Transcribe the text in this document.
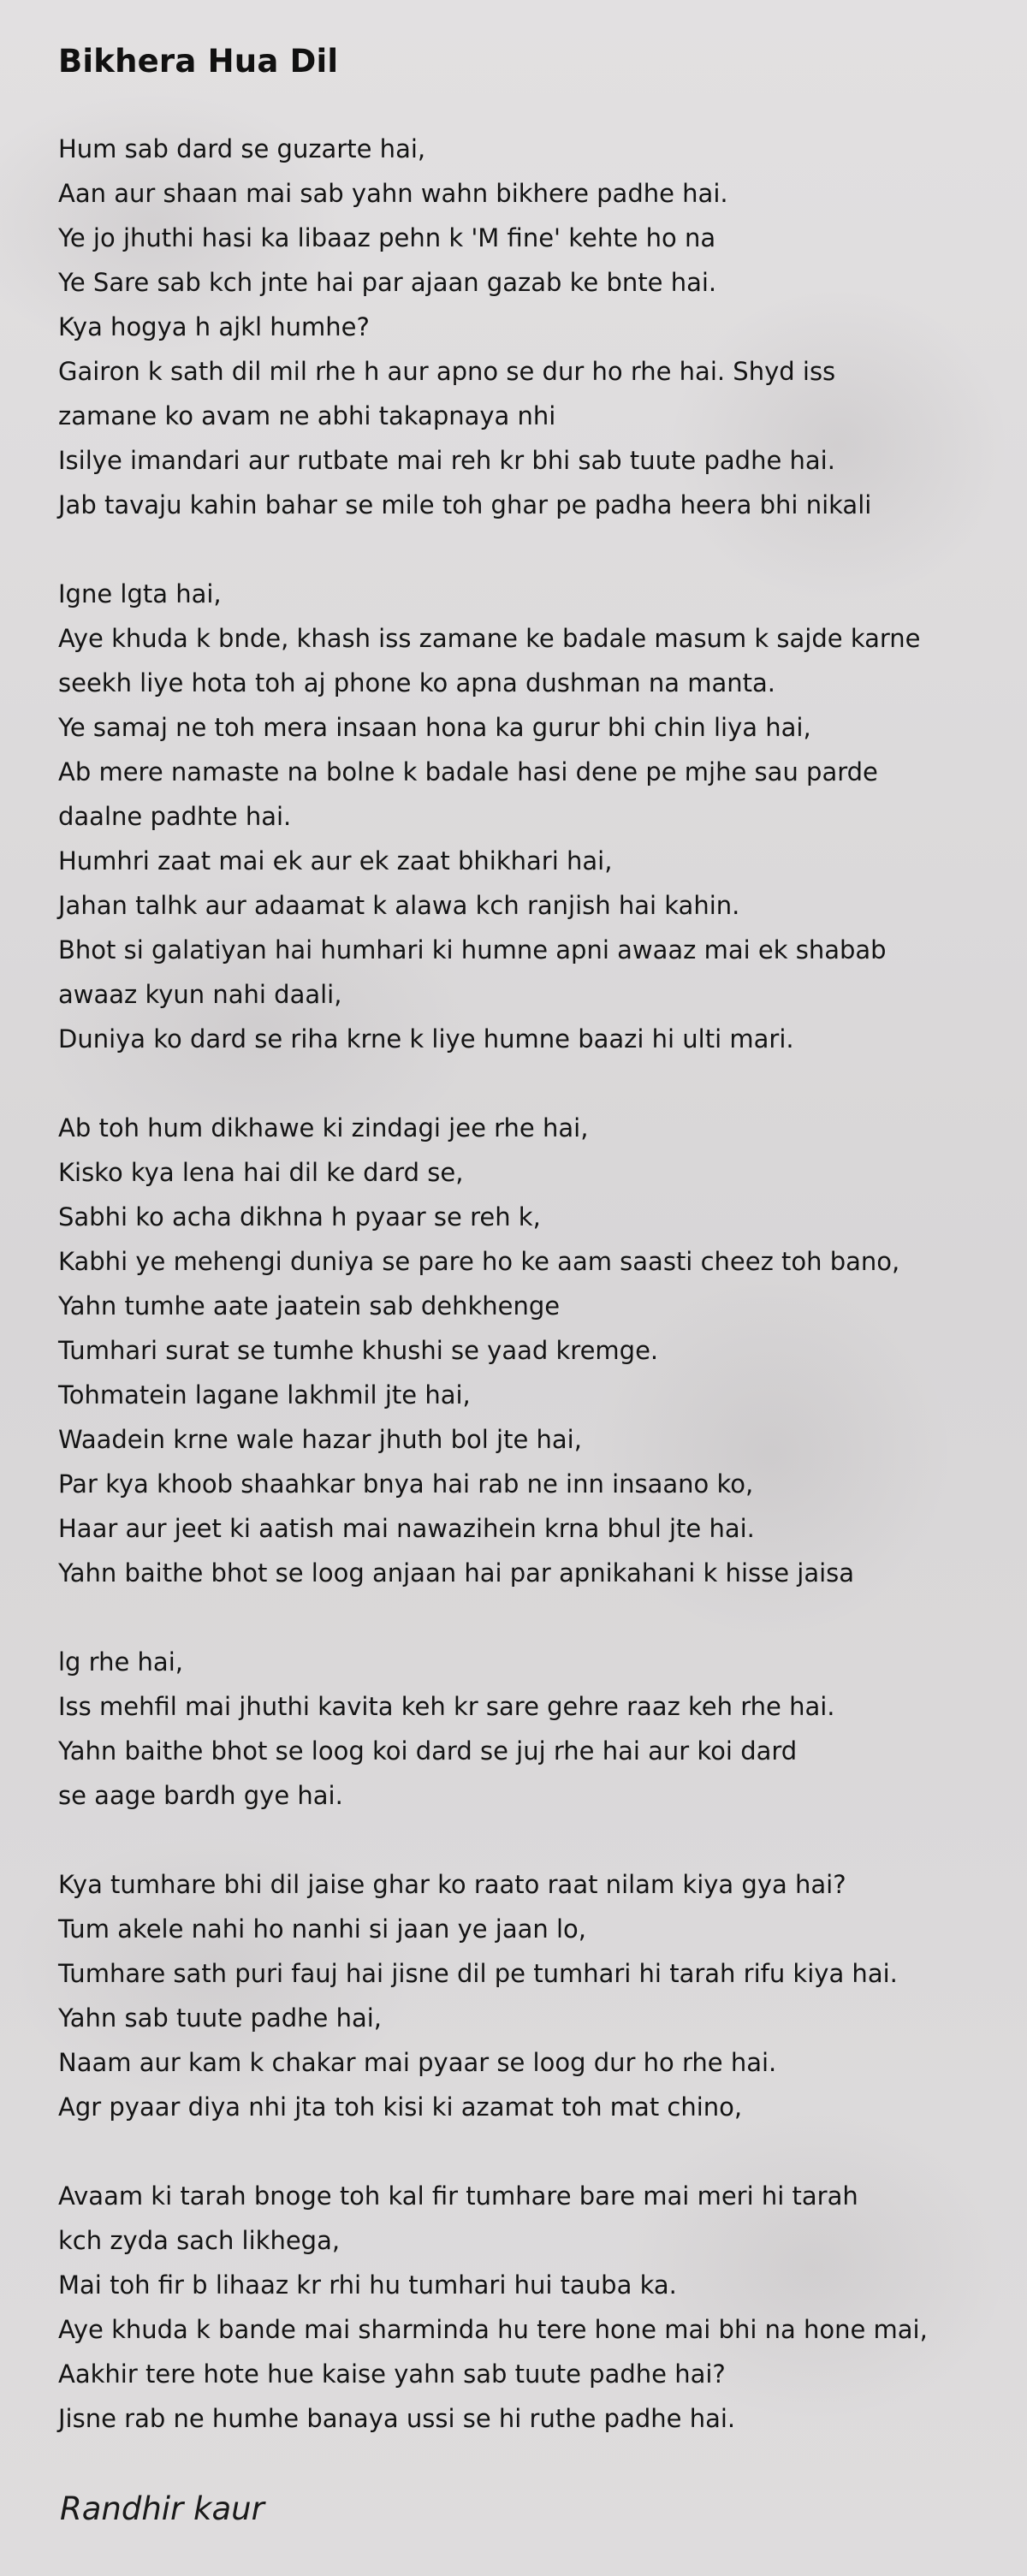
Bikhera Hua Dil
Hum sab dard se guzarte hai,
Aan aur shaan mai sab yahn wahn bikhere padhe hai.
Ye jo jhuthi hasi ka libaaz pehn k 'M fine' kehte ho na
Ye Sare sab kch jnte hai par ajaan gazab ke bnte hai.
Kya hogya h ajkl humhe?
Gairon k sath dil mil rhe h aur apno se dur ho rhe hai. Shyd iss
zamane ko avam ne abhi takapnaya nhi
Isilye imandari aur rutbate mai reh kr bhi sab tuute padhe hai.
Jab tavaju kahin bahar se mile toh ghar pe padha heera bhi nikali
Igne lgta hai,
Aye khuda k bnde, khash iss zamane ke badale masum k sajde karne
seekh liye hota toh aj phone ko apna dushman na manta.
Ye samaj ne toh mera insaan hona ka gurur bhi chin liya hai,
Ab mere namaste na bolne k badale hasi dene pe mjhe sau parde
daalne padhte hai.
Humhri zaat mai ek aur ek zaat bhikhari hai,
Jahan talhk aur adaamat k alawa kch ranjish hai kahin.
Bhot si galatiyan hai humhari ki humne apni awaaz mai ek shabab
awaaz kyun nahi daali,
Duniya ko dard se riha krne k liye humne baazi hi ulti mari.
Ab toh hum dikhawe ki zindagi jee rhe hai,
Kisko kya lena hai dil ke dard se,
Sabhi ko acha dikhna h pyaar se reh k,
Kabhi ye mehengi duniya se pare ho ke aam saasti cheez toh bano,
Yahn tumhe aate jaatein sab dehkhenge
Tumhari surat se tumhe khushi se yaad kremge.
Tohmatein lagane lakhmil jte hai,
Waadein krne wale hazar jhuth bol jte hai,
Par kya khoob shaahkar bnya hai rab ne inn insaano ko,
Haar aur jeet ki aatish mai nawazihein krna bhul jte hai.
Yahn baithe bhot se loog anjaan hai par apnikahani k hisse jaisa
lg rhe hai,
Iss mehfil mai jhuthi kavita keh kr sare gehre raaz keh rhe hai.
Yahn baithe bhot se loog koi dard se juj rhe hai aur koi dard
se aage bardh gye hai.
Kya tumhare bhi dil jaise ghar ko raato raat nilam kiya gya hai?
Tum akele nahi ho nanhi si jaan ye jaan lo,
Tumhare sath puri fauj hai jisne dil pe tumhari hi tarah rifu kiya hai.
Yahn sab tuute padhe hai,
Naam aur kam k chakar mai pyaar se loog dur ho rhe hai.
Agr pyaar diya nhi jta toh kisi ki azamat toh mat chino,
Avaam ki tarah bnoge toh kal fir tumhare bare mai meri hi tarah
kch zyda sach likhega,
Mai toh fir b lihaaz kr rhi hu tumhari hui tauba ka.
Aye khuda k bande mai sharminda hu tere hone mai bhi na hone mai,
Aakhir tere hote hue kaise yahn sab tuute padhe hai?
Jisne rab ne humhe banaya ussi se hi ruthe padhe hai.
Randhir kaur
